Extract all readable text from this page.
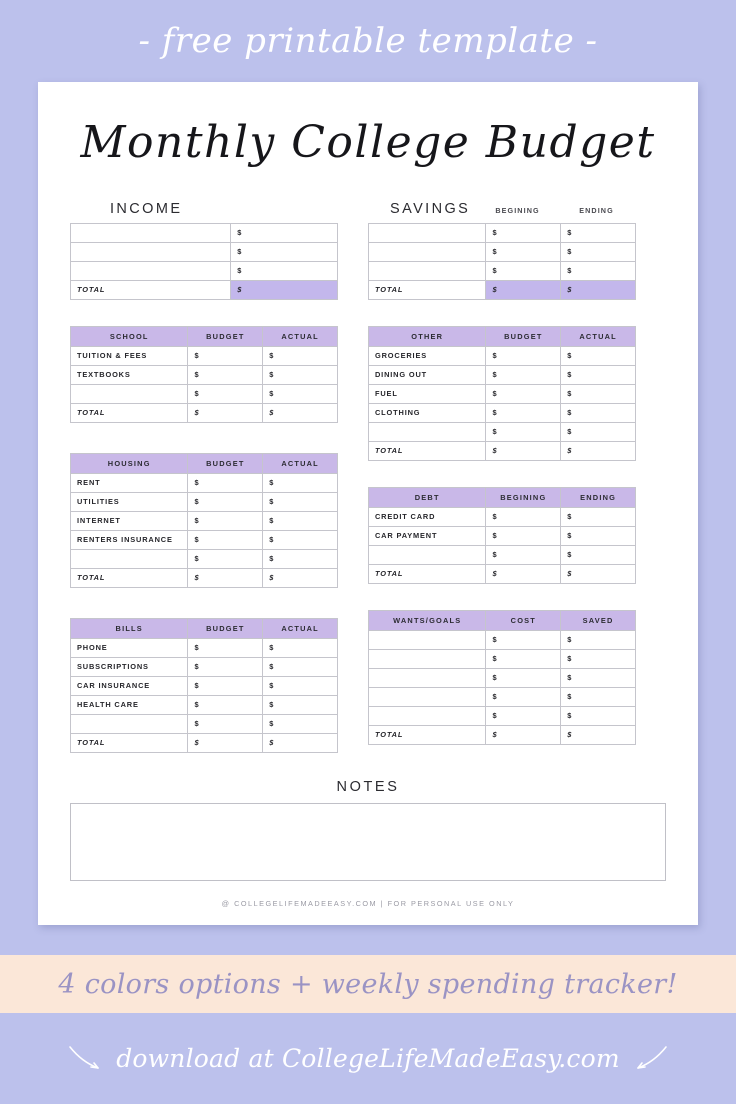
- free printable template -
Monthly College Budget
INCOME
	$
	$
	$
TOTAL	$
SAVINGS	BEGINING	ENDING
	$	$
	$	$
	$	$
TOTAL	$	$
SCHOOL	BUDGET	ACTUAL
TUITION & FEES	$	$
TEXTBOOKS	$	$
	$	$
TOTAL	$	$
HOUSING	BUDGET	ACTUAL
RENT	$	$
UTILITIES	$	$
INTERNET	$	$
RENTERS INSURANCE	$	$
	$	$
TOTAL	$	$
BILLS	BUDGET	ACTUAL
PHONE	$	$
SUBSCRIPTIONS	$	$
CAR INSURANCE	$	$
HEALTH CARE	$	$
	$	$
TOTAL	$	$
OTHER	BUDGET	ACTUAL
GROCERIES	$	$
DINING OUT	$	$
FUEL	$	$
CLOTHING	$	$
	$	$
TOTAL	$	$
DEBT	BEGINING	ENDING
CREDIT CARD	$	$
CAR PAYMENT	$	$
	$	$
TOTAL	$	$
WANTS/GOALS	COST	SAVED
	$	$
	$	$
	$	$
	$	$
	$	$
TOTAL	$	$
NOTES
@ COLLEGELIFEMADEEASY.COM | FOR PERSONAL USE ONLY
4 colors options + weekly spending tracker!
download at CollegeLifeMadeEasy.com
